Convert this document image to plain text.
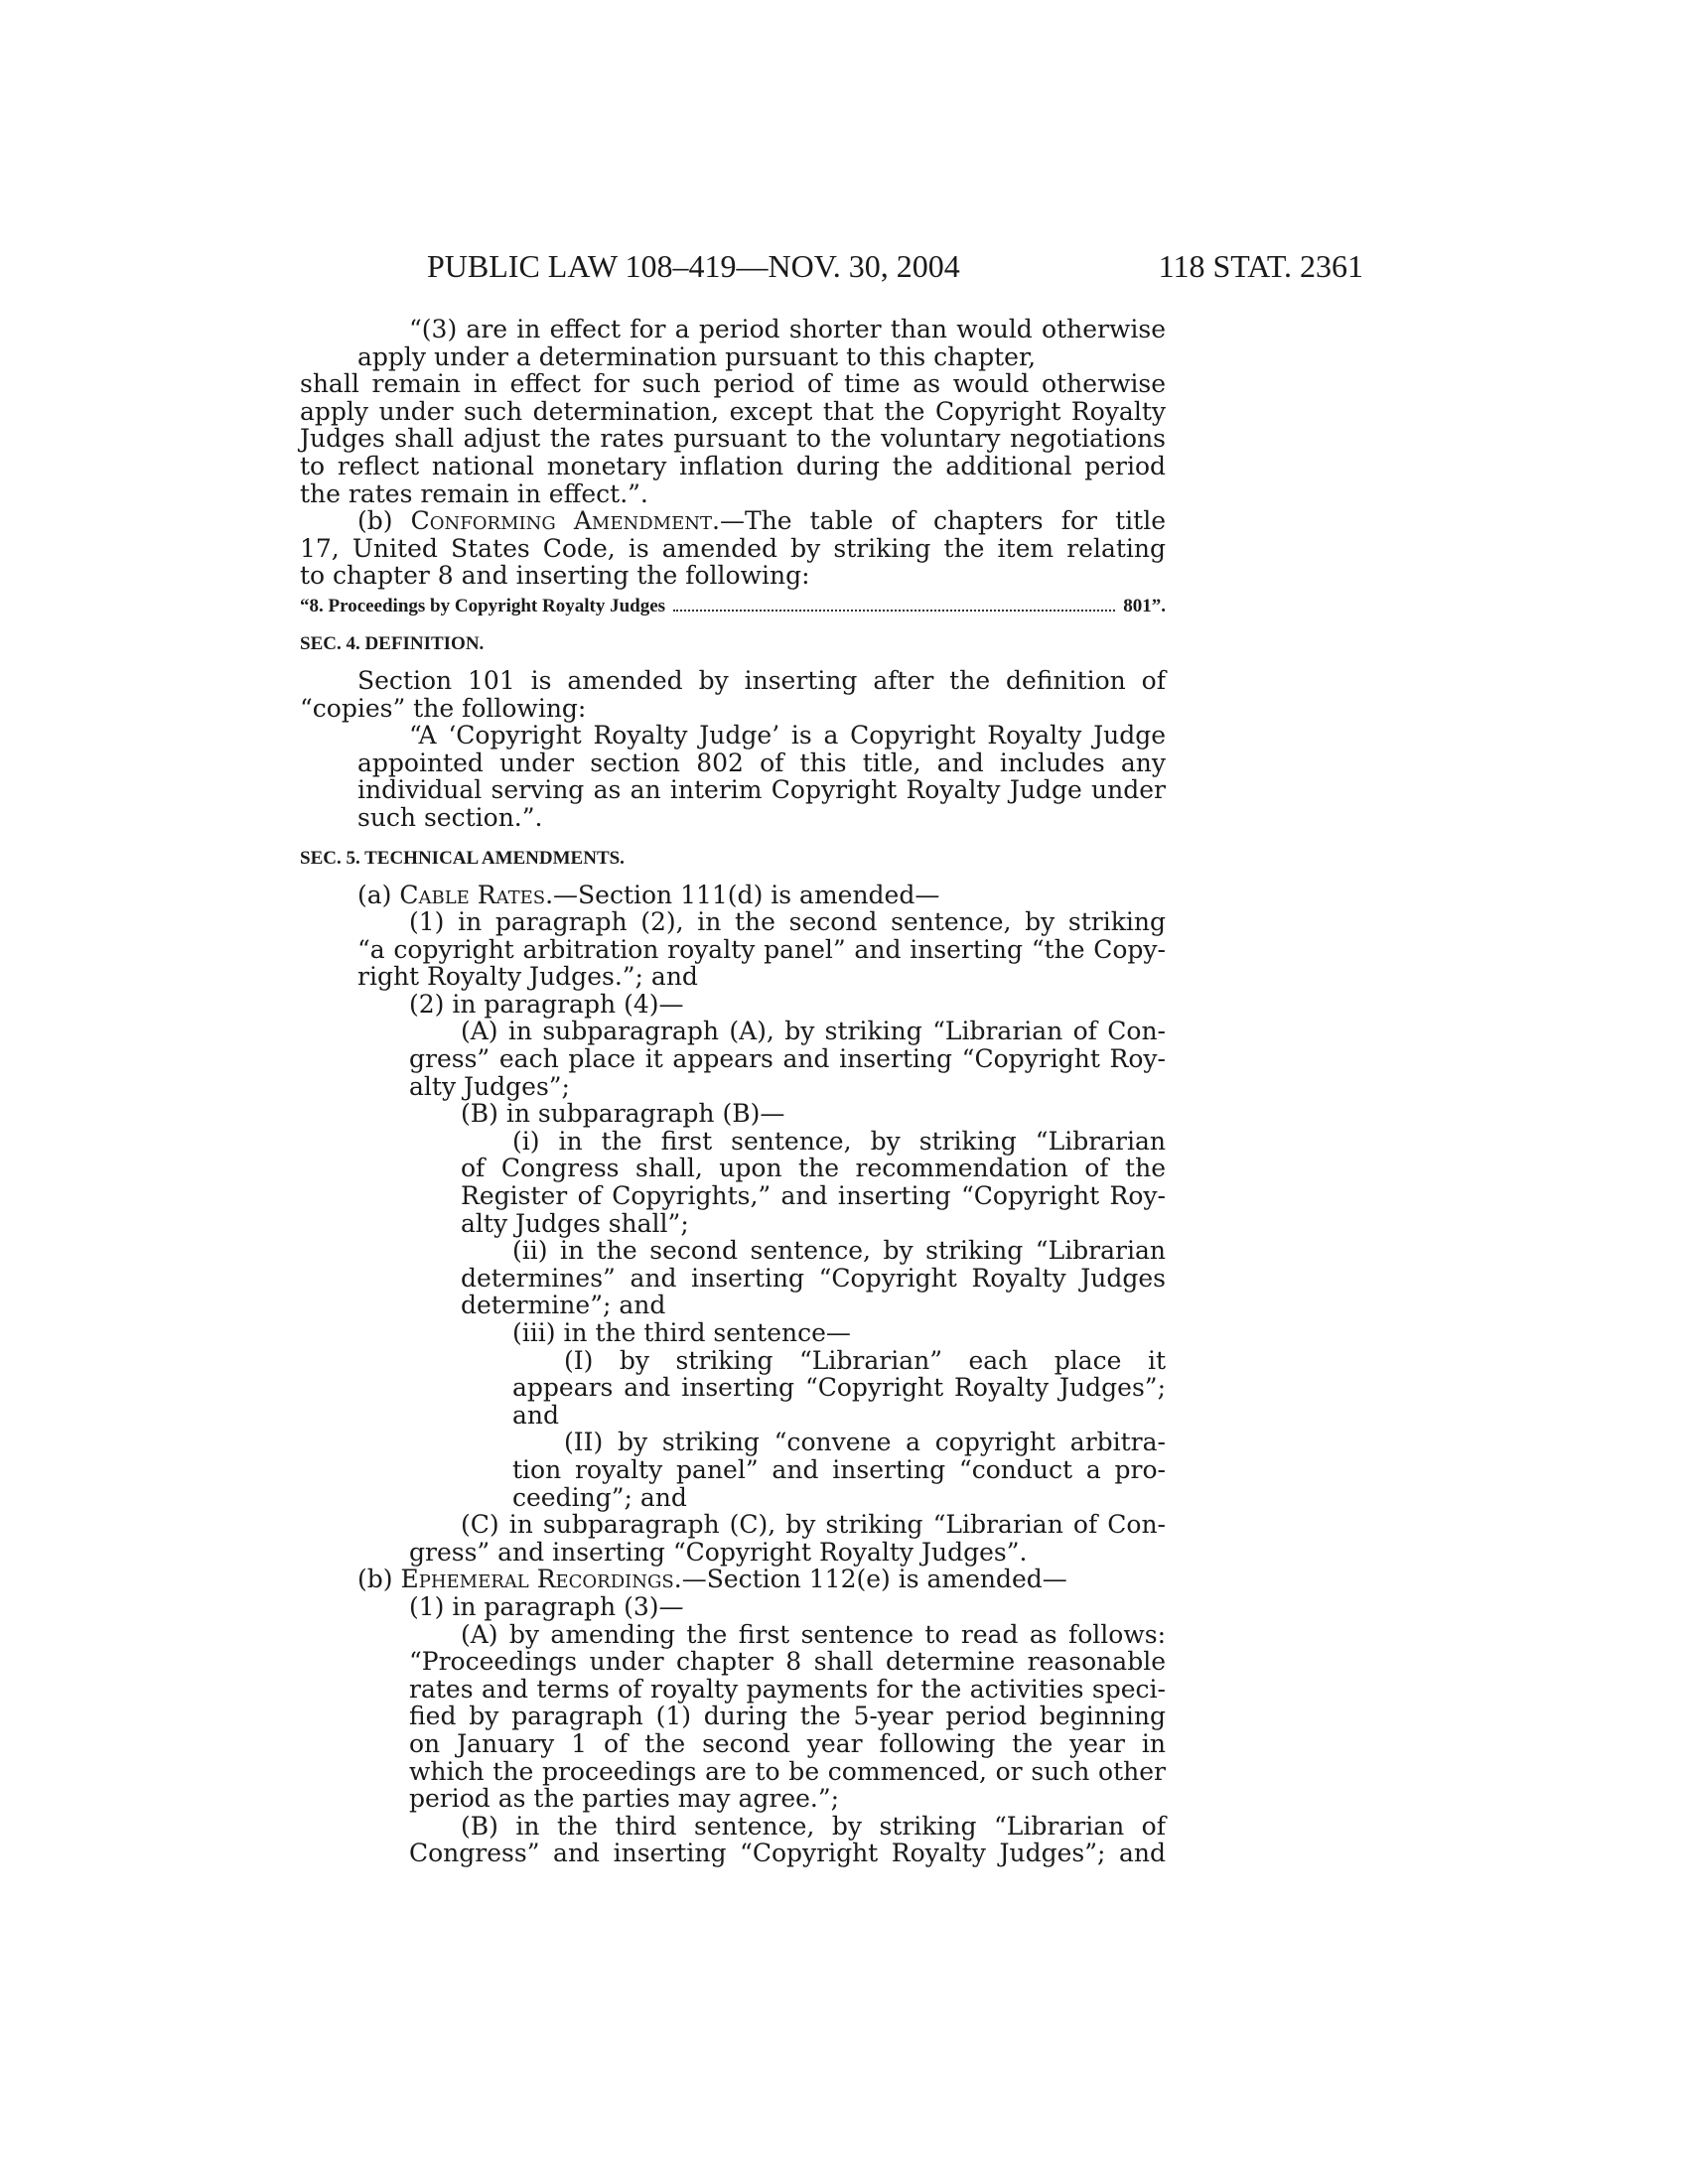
PUBLIC LAW 108–419—NOV. 30, 2004	118 STAT. 2361
“(3) are in effect for a period shorter than would otherwise
apply under a determination pursuant to this chapter,
shall remain in effect for such period of time as would otherwise
apply under such determination, except that the Copyright Royalty
Judges shall adjust the rates pursuant to the voluntary negotiations
to reflect national monetary inflation during the additional period
the rates remain in effect.”.
(b) Conforming Amendment.—The table of chapters for title
17, United States Code, is amended by striking the item relating
to chapter 8 and inserting the following:
“8. Proceedings by Copyright Royalty Judges	801”.
SEC. 4. DEFINITION.
Section 101 is amended by inserting after the definition of
“copies” the following:
“A ‘Copyright Royalty Judge’ is a Copyright Royalty Judge
appointed under section 802 of this title, and includes any
individual serving as an interim Copyright Royalty Judge under
such section.”.
SEC. 5. TECHNICAL AMENDMENTS.
(a) Cable Rates.—Section 111(d) is amended—
(1) in paragraph (2), in the second sentence, by striking
“a copyright arbitration royalty panel” and inserting “the Copy-
right Royalty Judges.”; and
(2) in paragraph (4)—
(A) in subparagraph (A), by striking “Librarian of Con-
gress” each place it appears and inserting “Copyright Roy-
alty Judges”;
(B) in subparagraph (B)—
(i) in the first sentence, by striking “Librarian
of Congress shall, upon the recommendation of the
Register of Copyrights,” and inserting “Copyright Roy-
alty Judges shall”;
(ii) in the second sentence, by striking “Librarian
determines” and inserting “Copyright Royalty Judges
determine”; and
(iii) in the third sentence—
(I) by striking “Librarian” each place it
appears and inserting “Copyright Royalty Judges”;
and
(II) by striking “convene a copyright arbitra-
tion royalty panel” and inserting “conduct a pro-
ceeding”; and
(C) in subparagraph (C), by striking “Librarian of Con-
gress” and inserting “Copyright Royalty Judges”.
(b) Ephemeral Recordings.—Section 112(e) is amended—
(1) in paragraph (3)—
(A) by amending the first sentence to read as follows:
“Proceedings under chapter 8 shall determine reasonable
rates and terms of royalty payments for the activities speci-
fied by paragraph (1) during the 5-year period beginning
on January 1 of the second year following the year in
which the proceedings are to be commenced, or such other
period as the parties may agree.”;
(B) in the third sentence, by striking “Librarian of
Congress” and inserting “Copyright Royalty Judges”; and
